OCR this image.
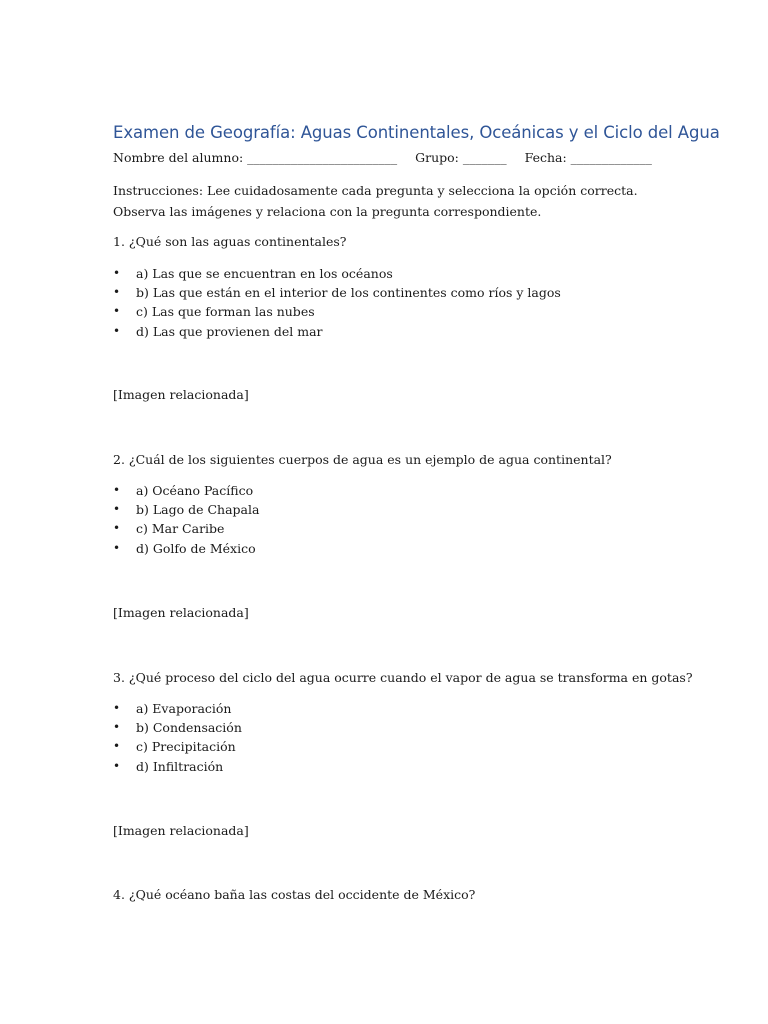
Examen de Geografía: Aguas Continentales, Oceánicas y el Ciclo del Agua
Nombre del alumno: ________________________ Grupo: _______ Fecha: _____________
Instrucciones: Lee cuidadosamente cada pregunta y selecciona la opción correcta. Observa las imágenes y relaciona con la pregunta correspondiente.
1. ¿Qué son las aguas continentales?
• a) Las que se encuentran en los océanos
• b) Las que están en el interior de los continentes como ríos y lagos
• c) Las que forman las nubes
• d) Las que provienen del mar
[Imagen relacionada]
2. ¿Cuál de los siguientes cuerpos de agua es un ejemplo de agua continental?
• a) Océano Pacífico
• b) Lago de Chapala
• c) Mar Caribe
• d) Golfo de México
[Imagen relacionada]
3. ¿Qué proceso del ciclo del agua ocurre cuando el vapor de agua se transforma en gotas?
• a) Evaporación
• b) Condensación
• c) Precipitación
• d) Infiltración
[Imagen relacionada]
4. ¿Qué océano baña las costas del occidente de México?
